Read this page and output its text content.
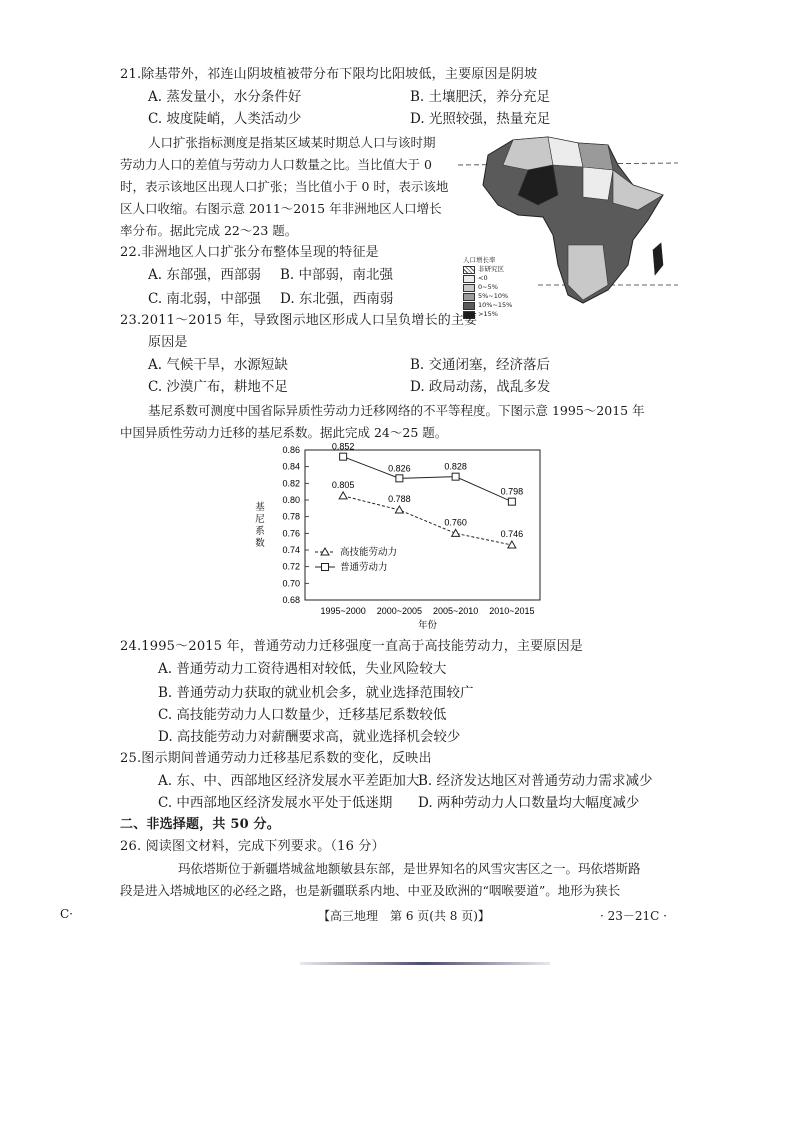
21.除基带外，祁连山阴坡植被带分布下限均比阳坡低，主要原因是阴坡
A. 蒸发量小，水分条件好	B. 土壤肥沃，养分充足
C. 坡度陡峭，人类活动少	D. 光照较强，热量充足
人口扩张指标测度是指某区域某时期总人口与该时期
劳动力人口的差值与劳动力人口数量之比。当比值大于 0
时，表示该地区出现人口扩张；当比值小于 0 时，表示该地
区人口收缩。右图示意 2011～2015 年非洲地区人口增长
率分布。据此完成 22～23 题。
人口增长率
非研究区
<0
0~5%
5%~10%
10%~15%
>15%
22.非洲地区人口扩张分布整体呈现的特征是
A. 东部强，西部弱 B. 中部弱，南北强
C. 南北弱，中部强 D. 东北强，西南弱
23.2011～2015 年，导致图示地区形成人口呈负增长的主要
原因是
A. 气候干旱，水源短缺	B. 交通闭塞，经济落后
C. 沙漠广布，耕地不足	D. 政局动荡，战乱多发
基尼系数可测度中国省际异质性劳动力迁移网络的不平等程度。下图示意 1995～2015 年
中国异质性劳动力迁移的基尼系数。据此完成 24～25 题。
0.86
0.84
0.82
0.80
0.78
0.76
0.74
0.72
0.70
0.68
1995~2000 2000~2005 2005~2010 2010~2015
年份
基
尼
系
数
0.852
0.826	0.828
0.798
0.805
0.788
0.760
0.746
高技能劳动力
普通劳动力
24.1995～2015 年，普通劳动力迁移强度一直高于高技能劳动力，主要原因是
A. 普通劳动力工资待遇相对较低，失业风险较大
B. 普通劳动力获取的就业机会多，就业选择范围较广
C. 高技能劳动力人口数量少，迁移基尼系数较低
D. 高技能劳动力对薪酬要求高，就业选择机会较少
25.图示期间普通劳动力迁移基尼系数的变化，反映出
A. 东、中、西部地区经济发展水平差距加大
B. 经济发达地区对普通劳动力需求减少
C. 中西部地区经济发展水平处于低迷期 D. 两种劳动力人口数量均大幅度减少
二、非选择题，共 50 分。
26. 阅读图文材料，完成下列要求。（16 分）
玛依塔斯位于新疆塔城盆地额敏县东部，是世界知名的风雪灾害区之一。玛依塔斯路
段是进入塔城地区的必经之路，也是新疆联系内地、中亚及欧洲的“咽喉要道”。地形为狭长
【高三地理　第 6 页(共 8 页)】	· 23－21C ·
C·
